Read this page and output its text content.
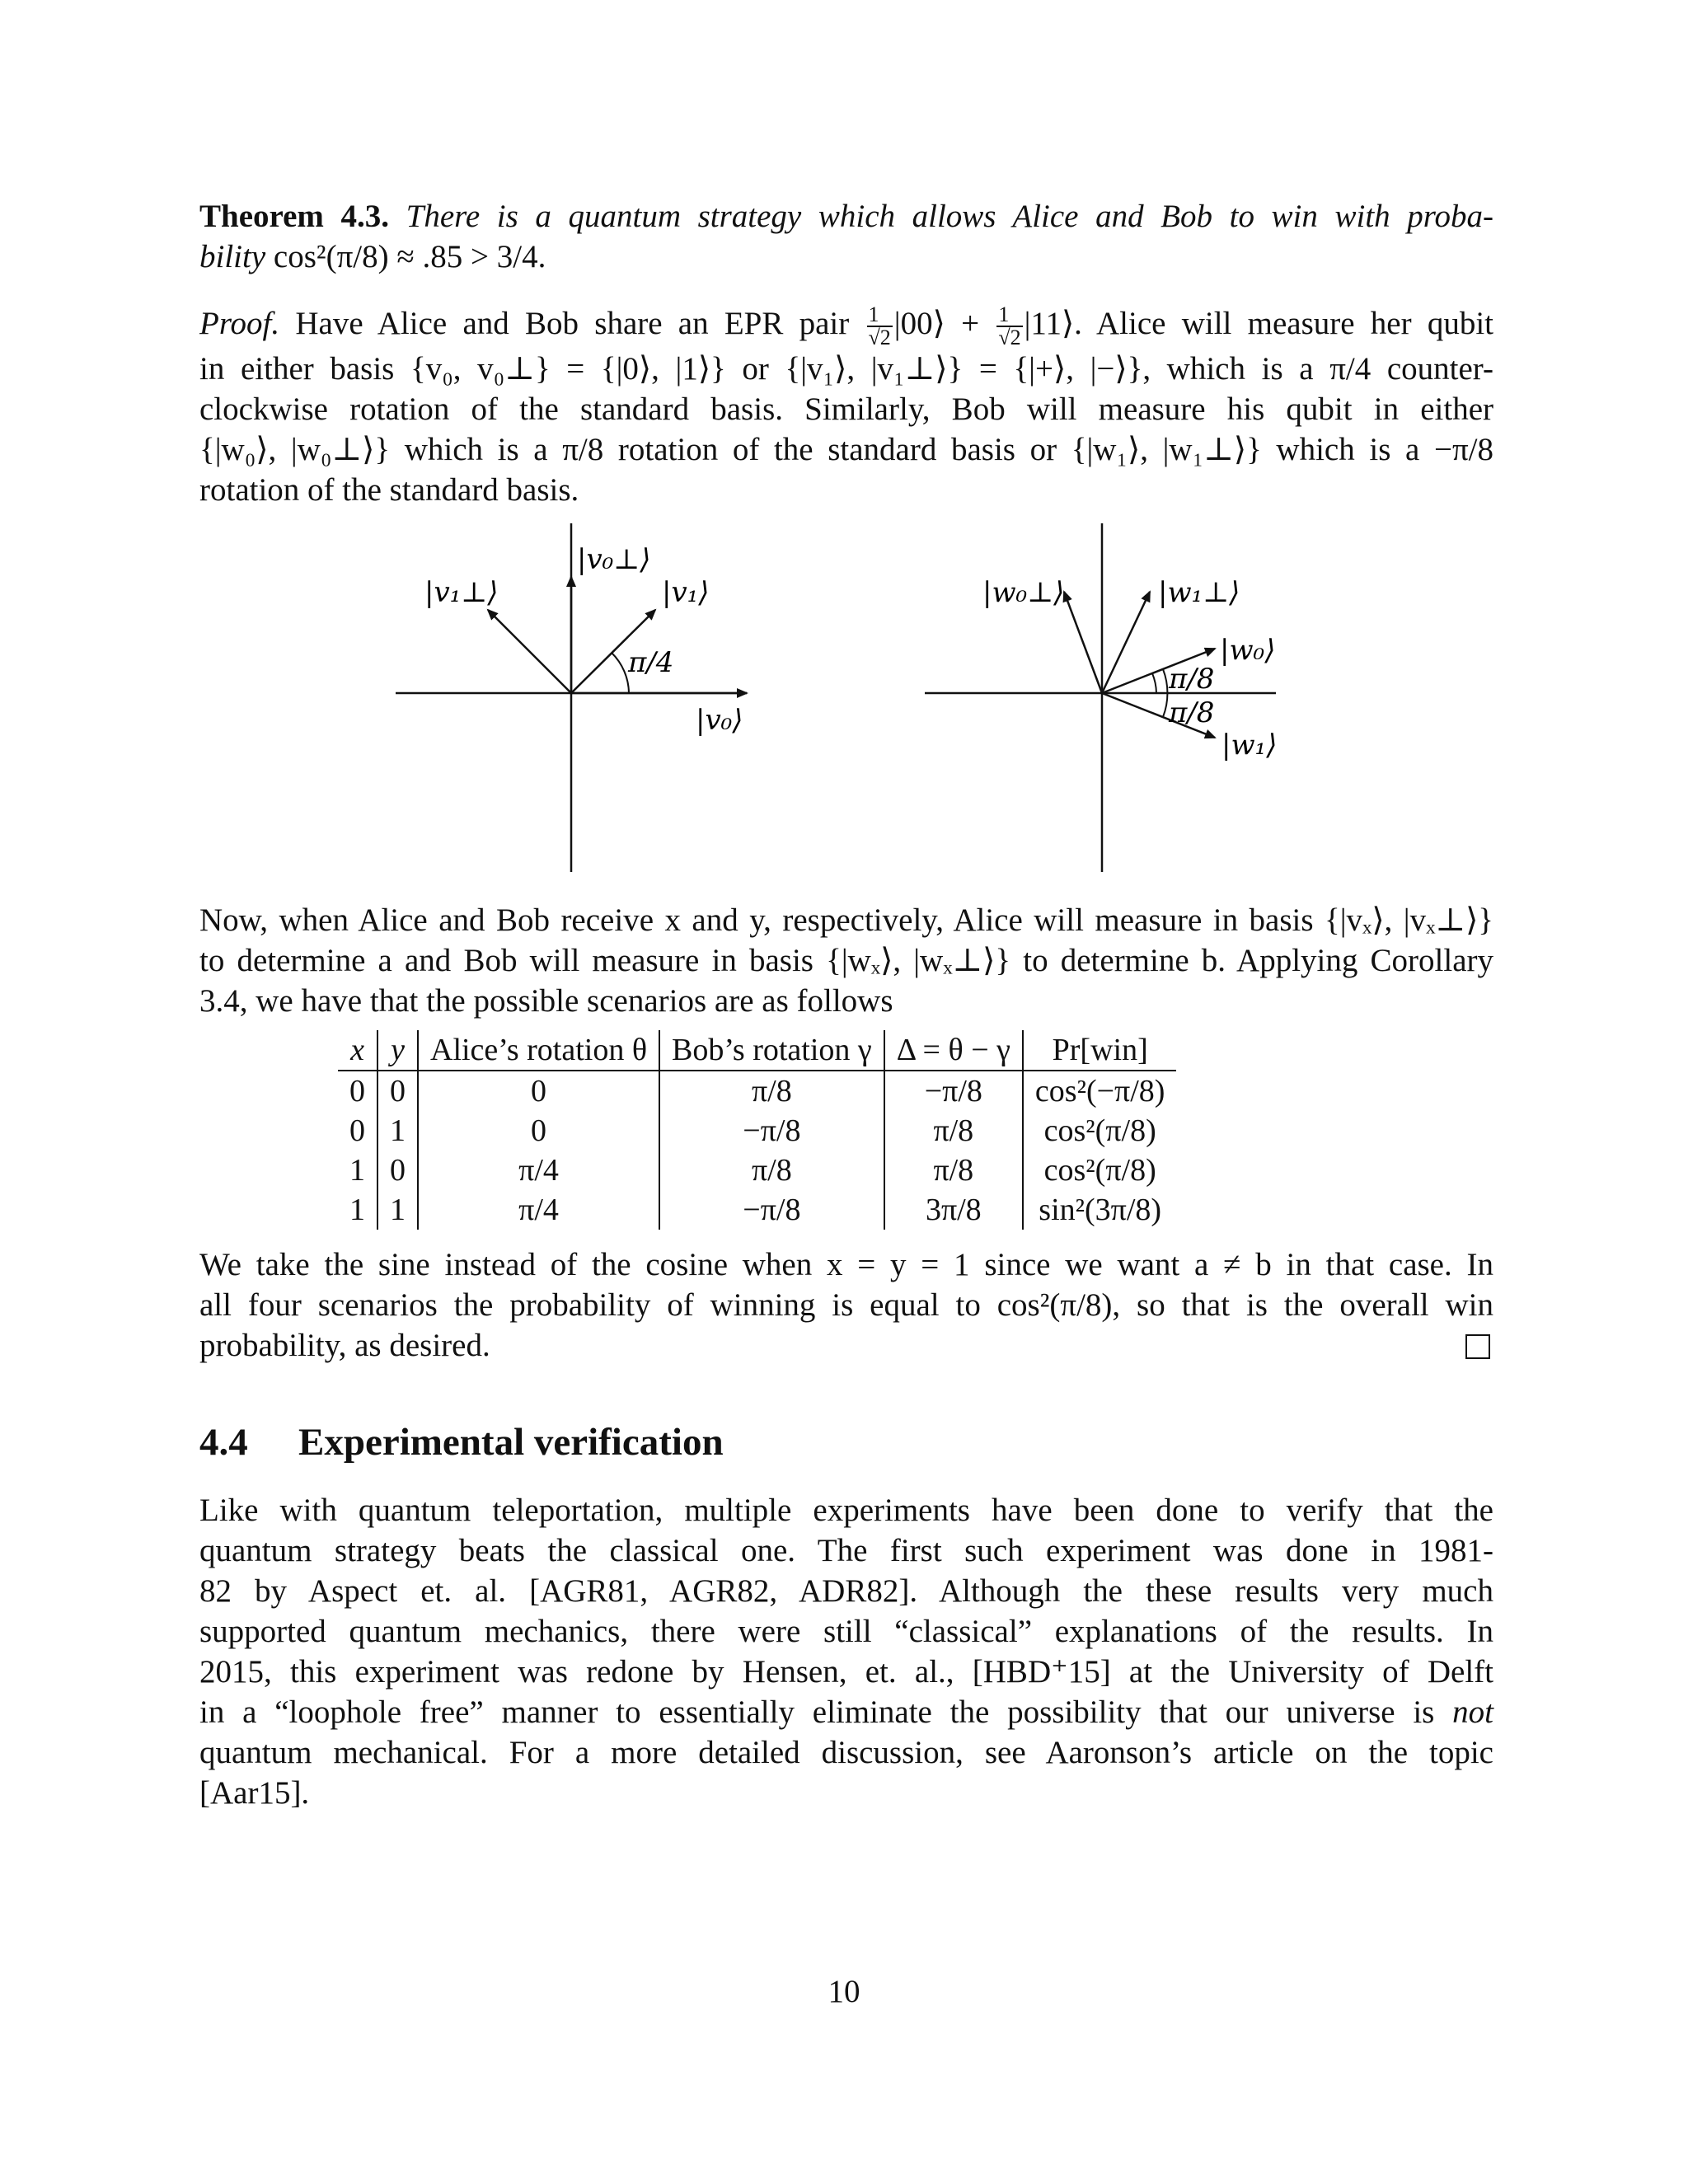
Theorem 4.3. There is a quantum strategy which allows Alice and Bob to win with proba-
bility cos²(π/8) ≈ .85 > 3/4.
Proof. Have Alice and Bob share an EPR pair $\frac{1}{√2}$ |00⟩ + $\frac{1}{√2}$ |11⟩. Alice will measure her qubit
in either basis {v₀, v₀⊥} = {|0⟩, |1⟩} or {|v₁⟩, |v₁⊥⟩} = {|+⟩, |−⟩}, which is a π/4 counter-
clockwise rotation of the standard basis. Similarly, Bob will measure his qubit in either
{|w₀⟩, |w₀⊥⟩} which is a π/8 rotation of the standard basis or {|w₁⟩, |w₁⊥⟩} which is a −π/8
rotation of the standard basis.
|v₀⊥⟩
|v₁⊥⟩	|v₁⟩
π/4
|v₀⟩
|w₀⊥⟩	|w₁⊥⟩
|w₀⟩
π/8
π/8
|w₁⟩
Now, when Alice and Bob receive x and y, respectively, Alice will measure in basis {|vₓ⟩, |vₓ⊥⟩}
to determine a and Bob will measure in basis {|wₓ⟩, |wₓ⊥⟩} to determine b. Applying Corollary
3.4, we have that the possible scenarios are as follows
x	y	Alice’s rotation θ	Bob’s rotation γ	Δ = θ − γ	Pr[win]
0	0	0	π/8	−π/8	cos²(−π/8)
0	1	0	−π/8	π/8	cos²(π/8)
1	0	π/4	π/8	π/8	cos²(π/8)
1	1	π/4	−π/8	3π/8	sin²(3π/8)
We take the sine instead of the cosine when x = y = 1 since we want a ≠ b in that case. In
all four scenarios the probability of winning is equal to cos²(π/8), so that is the overall win
probability, as desired.
4.4 Experimental verification
Like with quantum teleportation, multiple experiments have been done to verify that the
quantum strategy beats the classical one. The first such experiment was done in 1981-
82 by Aspect et. al. [AGR81, AGR82, ADR82]. Although the these results very much
supported quantum mechanics, there were still “classical” explanations of the results. In
2015, this experiment was redone by Hensen, et. al., [HBD⁺15] at the University of Delft
in a “loophole free” manner to essentially eliminate the possibility that our universe is not
quantum mechanical. For a more detailed discussion, see Aaronson’s article on the topic
[Aar15].
10
